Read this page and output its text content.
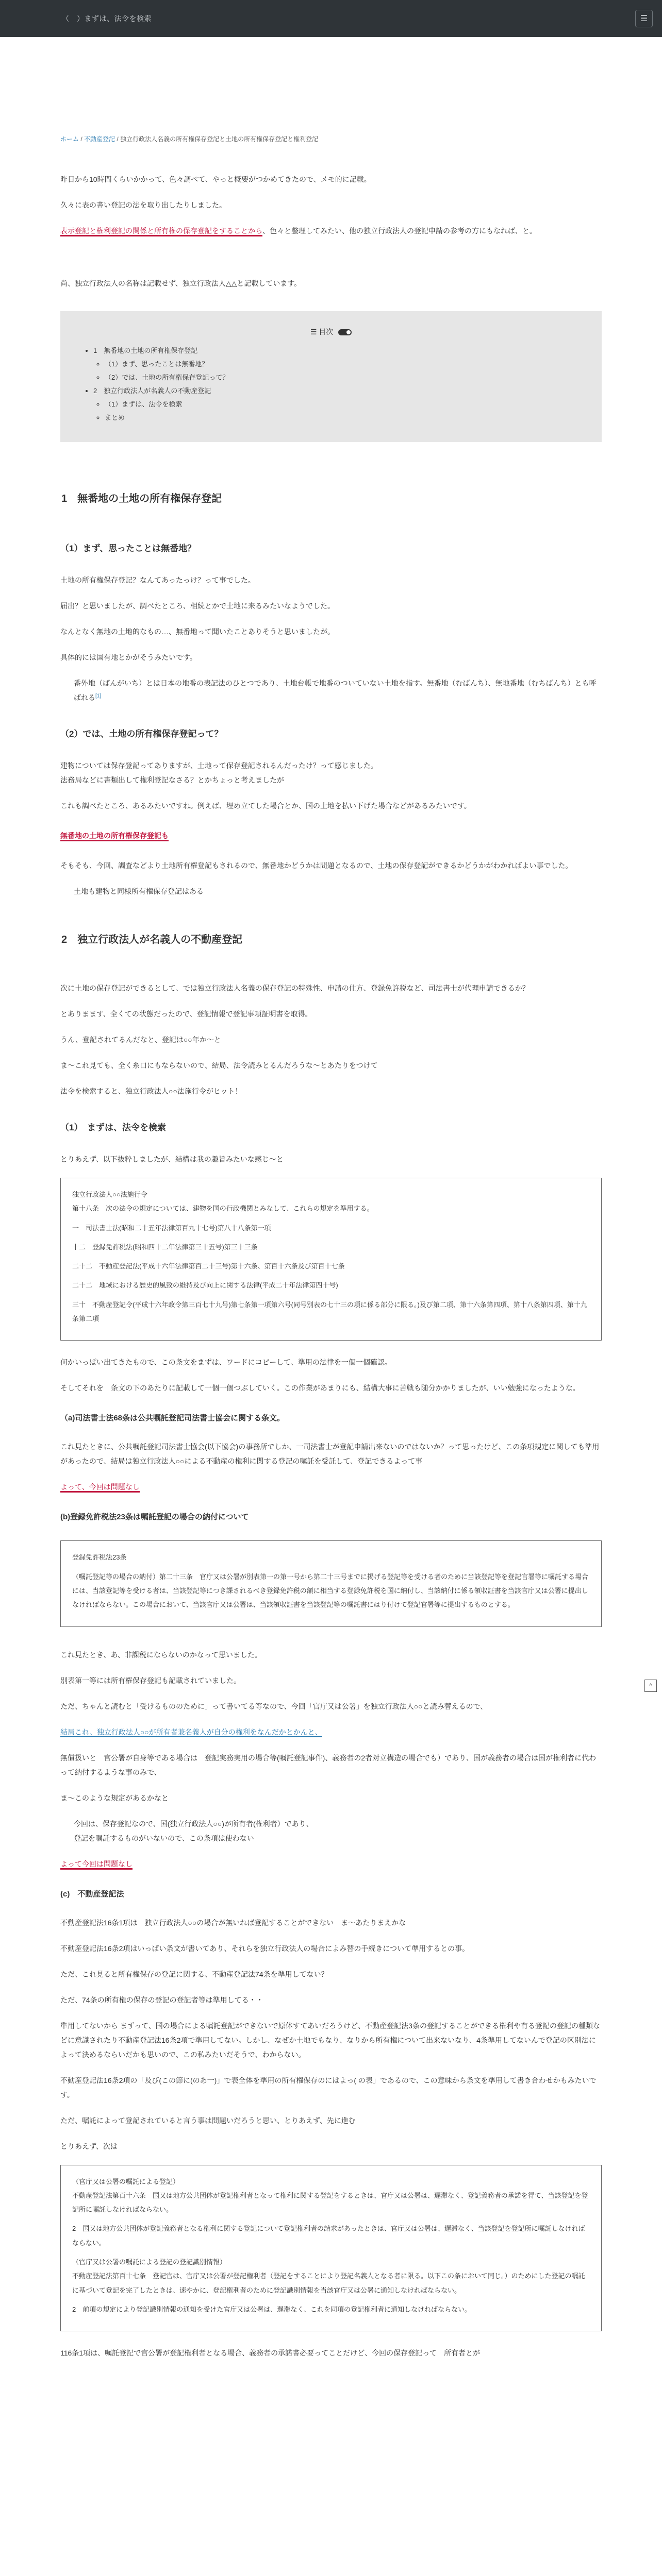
（　）まずは、法令を検索	☰
ホーム / 不動産登記 / 独立行政法人名義の所有権保存登記と土地の所有権保存登記と権利登記

昨日から10時間くらいかかって、色々調べて、やっと概要がつかめてきたので、メモ的に記載。

久々に表の書い登記の法を取り出したりしました。

表示登記と権利登記の関係と所有権の保存登記をすることから、色々と整理してみたい、他の独立行政法人の登記申請の参考の方にもなれば、と。

尚、独立行政法人の名称は記載せず、独立行政法人△△と記載しています。

☰ 目次
• 1　無番地の土地の所有権保存登記
◦ （1）まず、思ったことは無番地？
◦ （2）では、土地の所有権保存登記って？
• 2　独立行政法人が名義人の不動産登記
◦ （1）まずは、法令を検索
◦ まとめ
1　無番地の土地の所有権保存登記
（1）まず、思ったことは無番地？

土地の所有権保存登記？なんてあったっけ？って事でした。

届出？と思いましたが、調べたところ、相続とかで土地に来るみたいなようでした。

なんとなく無地の土地的なもの…、無番地って聞いたことありそうと思いましたが。

具体的には国有地とかがそうみたいです。

番外地（ばんがいち）とは日本の地番の表記法のひとつであり、土地台帳で地番のついていない土地を指す。無番地（むばんち）、無地番地（むちばんち）とも呼ばれる[1]

（2）では、土地の所有権保存登記って？

建物については保存登記ってありますが、土地って保存登記されるんだったけ？って感じました。

法務局などに書類出して権利登記なさる？とかちょっと考えましたが

これも調べたところ、あるみたいですね。例えば、埋め立てした場合とか、国の土地を払い下げた場合などがあるみたいです。

無番地の土地の所有権保存登記も

そもそも、今回、調査などより土地所有権登記もされるので、無番地かどうかは問題となるので、土地の保存登記ができるかどうかがわかればよい事でした。

土地も建物と同様所有権保存登記はある

2　独立行政法人が名義人の不動産登記

次に土地の保存登記ができるとして、では独立行政法人名義の保存登記の特殊性、申請の仕方、登録免許税など、司法書士が代理申請できるか？

とありまます、全くての状態だったので、登記情報で登記事項証明書を取得。

うん、登記されてるんだなと、登記は○○年か～と

ま～これ見ても、全く糸口にもならないので、結局、法令読みとるんだろうな～とあたりをつけて

法令を検索すると、独立行政法人○○法施行令がヒット！

（1）　まずは、法令を検索

とりあえず、以下抜粋しましたが、結構は我の趣旨みたいな感じ～と

独立行政法人○○法施行令

第十八条　次の法令の規定については、建物を国の行政機関とみなして、これらの規定を準用する。

一　司法書士法(昭和二十五年法律第百九十七号)第八十八条第一項

十二　登録免許税法(昭和四十二年法律第三十五号)第三十三条

二十二　不動産登記法(平成十六年法律第百二十三号)第十六条、第百十六条及び第百十七条

二十二　地域における歴史的風致の維持及び向上に関する法律(平成二十年法律第四十号)

三十　不動産登記令(平成十六年政令第三百七十九号)第七条第一項第六号(同号別表の七十三の項に係る部分に限る。)及び第二項、第十六条第四項、第十八条第四項、第十九条第二項

何かいっぱい出てきたもので、この条文をまずは、ワードにコピーして、準用の法律を一個一個確認。

そしてそれを　条文の下のあたりに記載して一個一個つぶしていく。この作業があまりにも、結構大事に苦戦も随分かかりましたが、いい勉強になったような。

（a)司法書士法68条は公共嘱託登記司法書士協会に関する条文。

これ見たときに、公共嘱託登記司法書士協会(以下協会)の事務所でしか、一司法書士が登記申請出来ないのではないか？って思ったけど、この条項規定に関しても準用があったので、結局は独立行政法人○○による不動産の権利に関する登記の嘱託を受託して、登記できるよって事

よって、今回は問題なし

(b)登録免許税法23条は嘱託登記の場合の納付について

登録免許税法23条

（嘱託登記等の場合の納付）第二十三条　官庁又は公署が別表第一の第一号から第二十三号までに掲げる登記等を受ける者のために当該登記等を登記官署等に嘱託する場合には、当該登記等を受ける者は、当該登記等につき課されるべき登録免許税の額に相当する登録免許税を国に納付し、当該納付に係る領収証書を当該官庁又は公署に提出しなければならない。この場合において、当該官庁又は公署は、当該領収証書を当該登記等の嘱託書にはり付けて登記官署等に提出するものとする。

これ見たとき、あ、非課税にならないのかなって思いました。

別表第一等には所有権保存登記も記載されていました。

ただ、ちゃんと読むと「受けるもののために」って書いてる等なので、今回「官庁又は公署」を独立行政法人○○と読み替えるので、

結局これ、独立行政法人○○が所有者兼名義人が自分の権利をなんだかとかんと、

無償扱いと　官公署が自身等である場合は　登記実務実用の場合等(嘱託登記事件)、義務者の2者対立構造の場合でも）であり、国が義務者の場合は国が権利者に代わって納付するような事のみで、

ま～このような規定があるかなと

今回は、保存登記なので、国(独立行政法人○○)が所有者(権利者）であり、

登記を嘱託するものがいないので、この条項は使わない

よって今回は問題なし

(c)　不動産登記法

不動産登記法16条1項は　独立行政法人○○の場合が無いれば登記することができない　ま～あたりまえかな

不動産登記法16条2項はいっぱい条文が書いてあり、それらを独立行政法人の場合によみ替の手続きについて準用するとの事。

ただ、これ見ると所有権保存の登記に関する、不動産登記法74条を準用してない？

ただ、74条の所有権の保存の登記の登記者等は準用してる・・

準用してないから まずって、国の場合による嘱託登記ができないで原体すてあいだろうけど、不動産登記法3条の登記することができる権利や有る登記の登記の種類などに意識されたり不動産登記法16条2項で準用してない。しかし、なぜか土地でもなり、なりから所有権について出来ないなり、4条準用してないんで登記の区別法によって決めるならいだかも思いので、この私みたいだそうで、わからない。

不動産登記法16条2項の「及び(この節に(のあ一)」で表全体を準用の所有権保存のにはよっ( の表」であるので、この意味から条文を準用して書き合わせかもみたいです。

ただ、嘱託によって登記されていると言う事は問題いだろうと思い、とりあえず、先に進む

とりあえず、次は

（官庁又は公署の嘱託による登記）

不動産登記法第百十六条　国又は地方公共団体が登記権利者となって権利に関する登記をするときは、官庁又は公署は、遅滞なく、登記義務者の承諾を得て、当該登記を登記所に嘱託しなければならない。

2　国又は地方公共団体が登記義務者となる権利に関する登記について登記権利者の請求があったときは、官庁又は公署は、遅滞なく、当該登記を登記所に嘱託しなければならない。

（官庁又は公署の嘱託による登記の登記識別情報）

不動産登記法第百十七条　登記官は、官庁又は公署が登記権利者（登記をすることにより登記名義人となる者に限る。以下この条において同じ。）のためにした登記の嘱託に基づいて登記を完了したときは、速やかに、登記権利者のために登記識別情報を当該官庁又は公署に通知しなければならない。

2　前項の規定により登記識別情報の通知を受けた官庁又は公署は、遅滞なく、これを同項の登記権利者に通知しなければならない。

116条1項は、嘱託登記で官公署が登記権利者となる場合、義務者の承諾書必要ってことだけど、今回の保存登記って　所有者とが

^
